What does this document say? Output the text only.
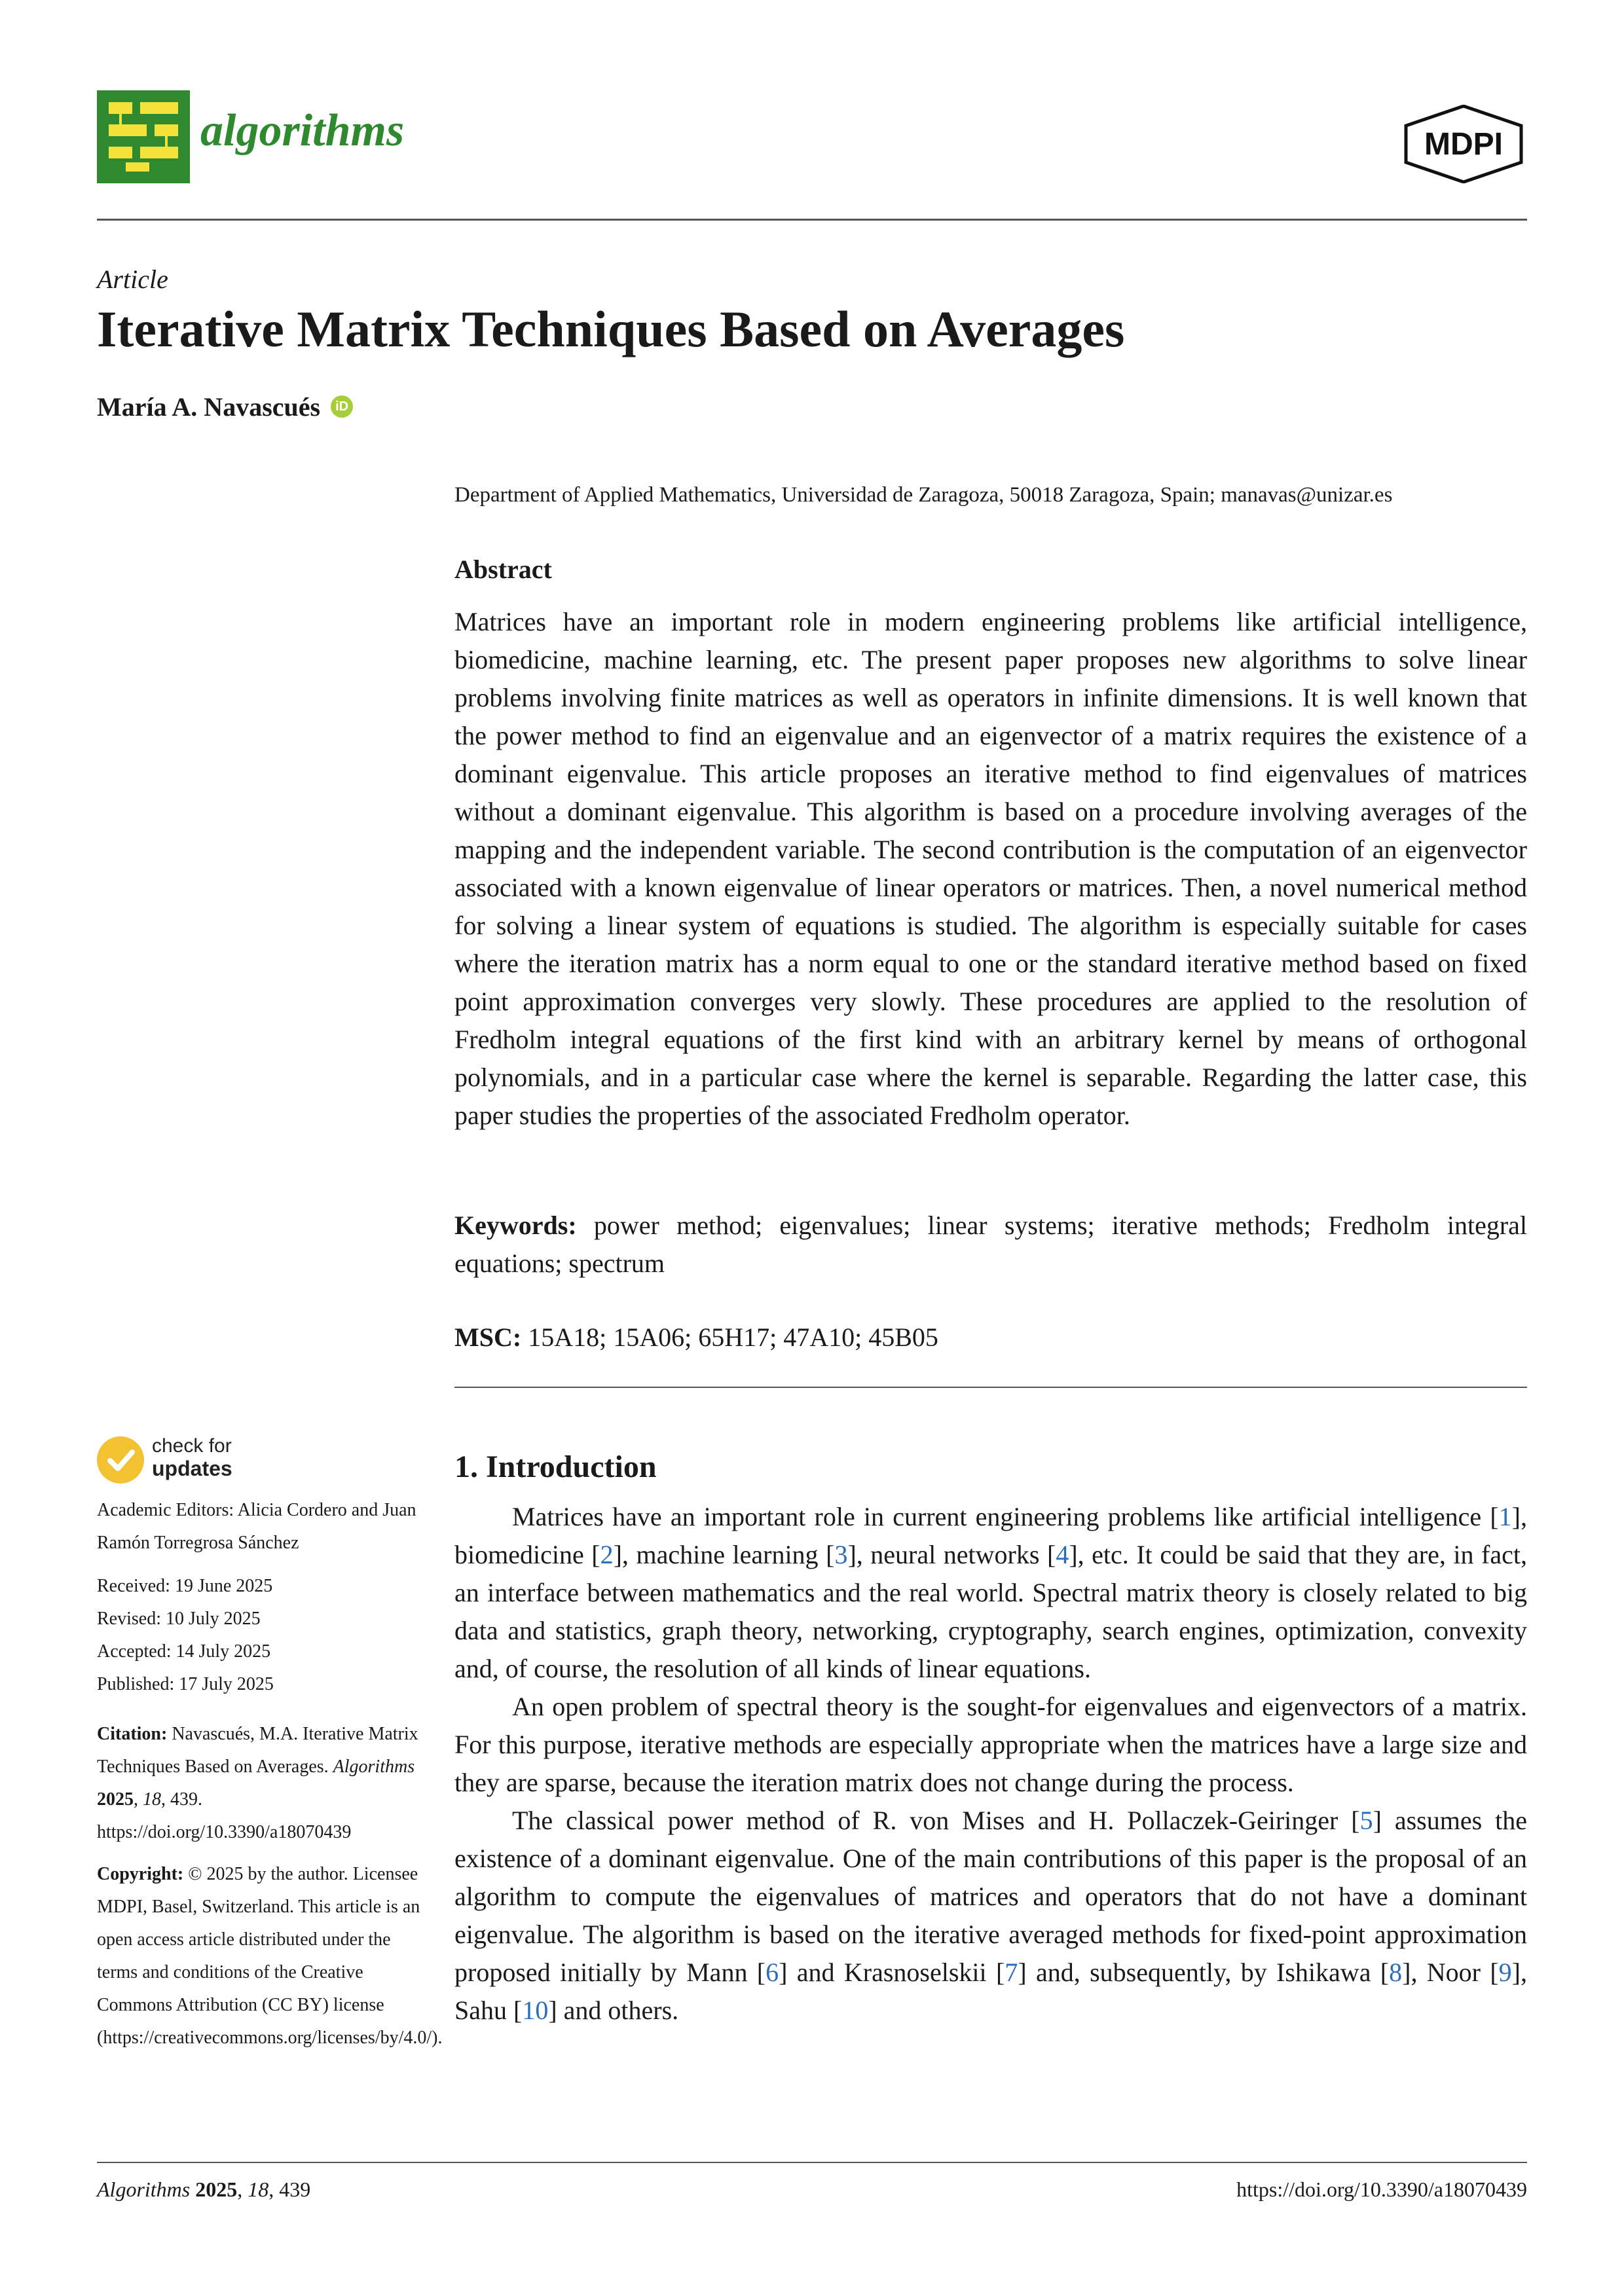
algorithms	MDPI
Article
Iterative Matrix Techniques Based on Averages
María A. Navascués iD
Department of Applied Mathematics, Universidad de Zaragoza, 50018 Zaragoza, Spain; manavas@unizar.es
Abstract
Matrices have an important role in modern engineering problems like artificial intelligence, biomedicine, machine learning, etc. The present paper proposes new algorithms to solve linear problems involving finite matrices as well as operators in infinite dimensions. It is well known that the power method to find an eigenvalue and an eigenvector of a matrix requires the existence of a dominant eigenvalue. This article proposes an iterative method to find eigenvalues of matrices without a dominant eigenvalue. This algorithm is based on a procedure involving averages of the mapping and the independent variable. The second contribution is the computation of an eigenvector associated with a known eigenvalue of linear operators or matrices. Then, a novel numerical method for solving a linear system of equations is studied. The algorithm is especially suitable for cases where the iteration matrix has a norm equal to one or the standard iterative method based on fixed point approximation converges very slowly. These procedures are applied to the resolution of Fredholm integral equations of the first kind with an arbitrary kernel by means of orthogonal polynomials, and in a particular case where the kernel is separable. Regarding the latter case, this paper studies the properties of the associated Fredholm operator.
Keywords: power method; eigenvalues; linear systems; iterative methods; Fredholm integral equations; spectrum
MSC: 15A18; 15A06; 65H17; 47A10; 45B05
check for
updates
Academic Editors: Alicia Cordero and Juan Ramón Torregrosa Sánchez

Received: 19 June 2025

Revised: 10 July 2025

Accepted: 14 July 2025

Published: 17 July 2025

Citation: Navascués, M.A. Iterative Matrix Techniques Based on Averages. Algorithms 2025, 18, 439. https://doi.org/10.3390/a18070439
Copyright: © 2025 by the author. Licensee MDPI, Basel, Switzerland. This article is an open access article distributed under the terms and conditions of the Creative Commons Attribution (CC BY) license (https://creativecommons.org/licenses/by/4.0/).
1. Introduction

Matrices have an important role in current engineering problems like artificial intelligence [1], biomedicine [2], machine learning [3], neural networks [4], etc. It could be said that they are, in fact, an interface between mathematics and the real world. Spectral matrix theory is closely related to big data and statistics, graph theory, networking, cryptography, search engines, optimization, convexity and, of course, the resolution of all kinds of linear equations.

An open problem of spectral theory is the sought-for eigenvalues and eigenvectors of a matrix. For this purpose, iterative methods are especially appropriate when the matrices have a large size and they are sparse, because the iteration matrix does not change during the process.

The classical power method of R. von Mises and H. Pollaczek-Geiringer [5] assumes the existence of a dominant eigenvalue. One of the main contributions of this paper is the proposal of an algorithm to compute the eigenvalues of matrices and operators that do not have a dominant eigenvalue. The algorithm is based on the iterative averaged methods for fixed-point approximation proposed initially by Mann [6] and Krasnoselskii [7] and, subsequently, by Ishikawa [8], Noor [9], Sahu [10] and others.

Algorithms 2025, 18, 439	https://doi.org/10.3390/a18070439
